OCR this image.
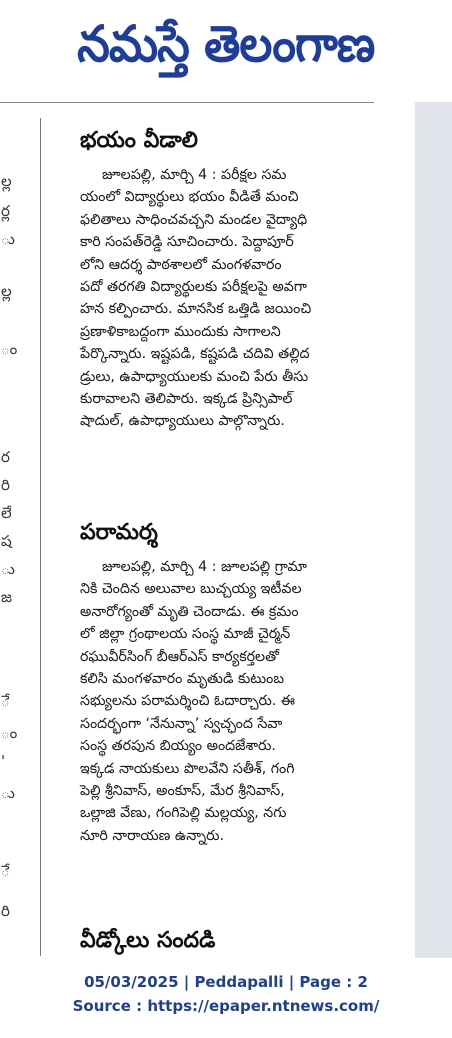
నమస్తే తెలంగాణ
ల్ల
ర్ల
ు
ల్ల
ం
ర
రి
లే
ష
ు
జ
ే
ం
'
ు
ే
రి
భయం వీడాలి
జూలపల్లి, మార్చి 4 : పరీక్షల సమ
యంలో విద్యార్థులు భయం వీడితే మంచి
ఫలితాలు సాధించవచ్చని మండల వైద్యాధి
కారి సంపత్‌రెడ్డి సూచించారు. పెద్దాపూర్
లోని ఆదర్శ పాఠశాలలో మంగళవారం
పదో తరగతి విద్యార్థులకు పరీక్షలపై అవగా
హన కల్పించారు. మానసిక ఒత్తిడి జయించి
ప్రణాళికాబద్దంగా ముందుకు సాగాలని
పేర్కొన్నారు. ఇష్టపడి, కష్టపడి చదివి తల్లిద
డ్రులు, ఉపాధ్యాయులకు మంచి పేరు తీసు
కురావాలని తెలిపారు. ఇక్కడ ప్రిన్సిపాల్
షాదుల్, ఉపాధ్యాయులు పాల్గొన్నారు.
పరామర్శ
జూలపల్లి, మార్చి 4 : జూలపల్లి గ్రామా
నికి చెందిన అలువాల బుచ్చయ్య ఇటీవల
అనారోగ్యంతో మృతి చెందాడు. ఈ క్రమం
లో జిల్లా గ్రంథాలయ సంస్థ మాజీ చైర్మన్
రఘువీర్‌సింగ్ బీఆర్‌ఎస్ కార్యకర్తలతో
కలిసి మంగళవారం మృతుడి కుటుంబ
సభ్యులను పరామర్శించి ఓదార్చారు. ఈ
సందర్భంగా ‘నేనున్నా’ స్వచ్ఛంద సేవా
సంస్థ తరపున బియ్యం అందజేశారు.
ఇక్కడ నాయకులు పొలవేని సతీశ్, గంగి
పెల్లి శ్రీనివాస్, అంకూస్, మేర శ్రీనివాస్,
ఒల్లాజి వేణు, గంగిపెల్లి మల్లయ్య, నగు
నూరి నారాయణ ఉన్నారు.
వీడ్కోలు సందడి
05/03/2025 | Peddapalli | Page : 2
Source : https://epaper.ntnews.com/
